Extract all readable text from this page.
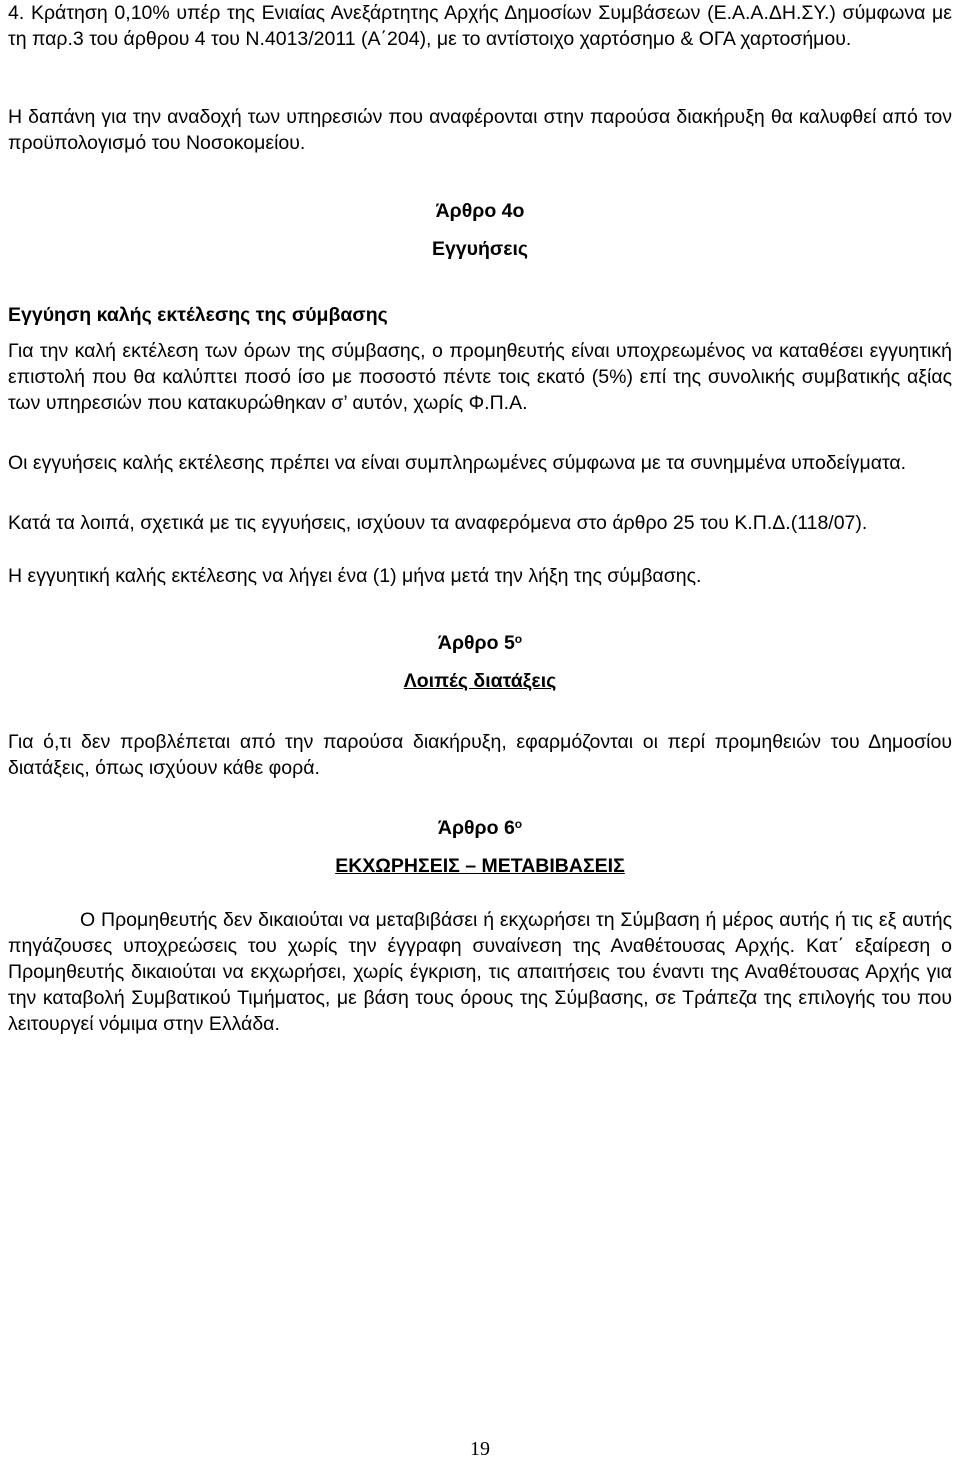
4. Κράτηση 0,10% υπέρ της Ενιαίας Ανεξάρτητης Αρχής Δημοσίων Συμβάσεων (Ε.Α.Α.ΔΗ.ΣΥ.) σύμφωνα με τη παρ.3 του άρθρου 4 του Ν.4013/2011 (Α΄204), με το αντίστοιχο χαρτόσημο & ΟΓΑ χαρτοσήμου.

Η δαπάνη για την αναδοχή των υπηρεσιών που αναφέρονται στην παρούσα διακήρυξη θα καλυφθεί από τον προϋπολογισμό του Νοσοκομείου.

Άρθρο 4ο

Εγγυήσεις

Εγγύηση καλής εκτέλεσης της σύμβασης

Για την καλή εκτέλεση των όρων της σύμβασης, ο προμηθευτής είναι υποχρεωμένος να καταθέσει εγγυητική επιστολή που θα καλύπτει ποσό ίσο με ποσοστό πέντε τοις εκατό (5%) επί της συνολικής συμβατικής αξίας των υπηρεσιών που κατακυρώθηκαν σ’ αυτόν, χωρίς Φ.Π.Α.

Οι εγγυήσεις καλής εκτέλεσης πρέπει να είναι συμπληρωμένες σύμφωνα με τα συνημμένα υποδείγματα.

Κατά τα λοιπά, σχετικά με τις εγγυήσεις, ισχύουν τα αναφερόμενα στο άρθρο 25 του Κ.Π.Δ.(118/07).

Η εγγυητική καλής εκτέλεσης να λήγει ένα (1) μήνα μετά την λήξη της σύμβασης.

Άρθρο $5^o$

Λοιπές διατάξεις

Για ό,τι δεν προβλέπεται από την παρούσα διακήρυξη, εφαρμόζονται οι περί προμηθειών του Δημοσίου διατάξεις, όπως ισχύουν κάθε φορά.

Άρθρο $6^o$

ΕΚΧΩΡΗΣΕΙΣ – ΜΕΤΑΒΙΒΑΣΕΙΣ

Ο Προμηθευτής δεν δικαιούται να μεταβιβάσει ή εκχωρήσει τη Σύμβαση ή μέρος αυτής ή τις εξ αυτής πηγάζουσες υποχρεώσεις του χωρίς την έγγραφη συναίνεση της Αναθέτουσας Αρχής. Κατ΄ εξαίρεση ο Προμηθευτής δικαιούται να εκχωρήσει, χωρίς έγκριση, τις απαιτήσεις του έναντι της Αναθέτουσας Αρχής για την καταβολή Συμβατικού Τιμήματος, με βάση τους όρους της Σύμβασης, σε Τράπεζα της επιλογής του που λειτουργεί νόμιμα στην Ελλάδα.

19
